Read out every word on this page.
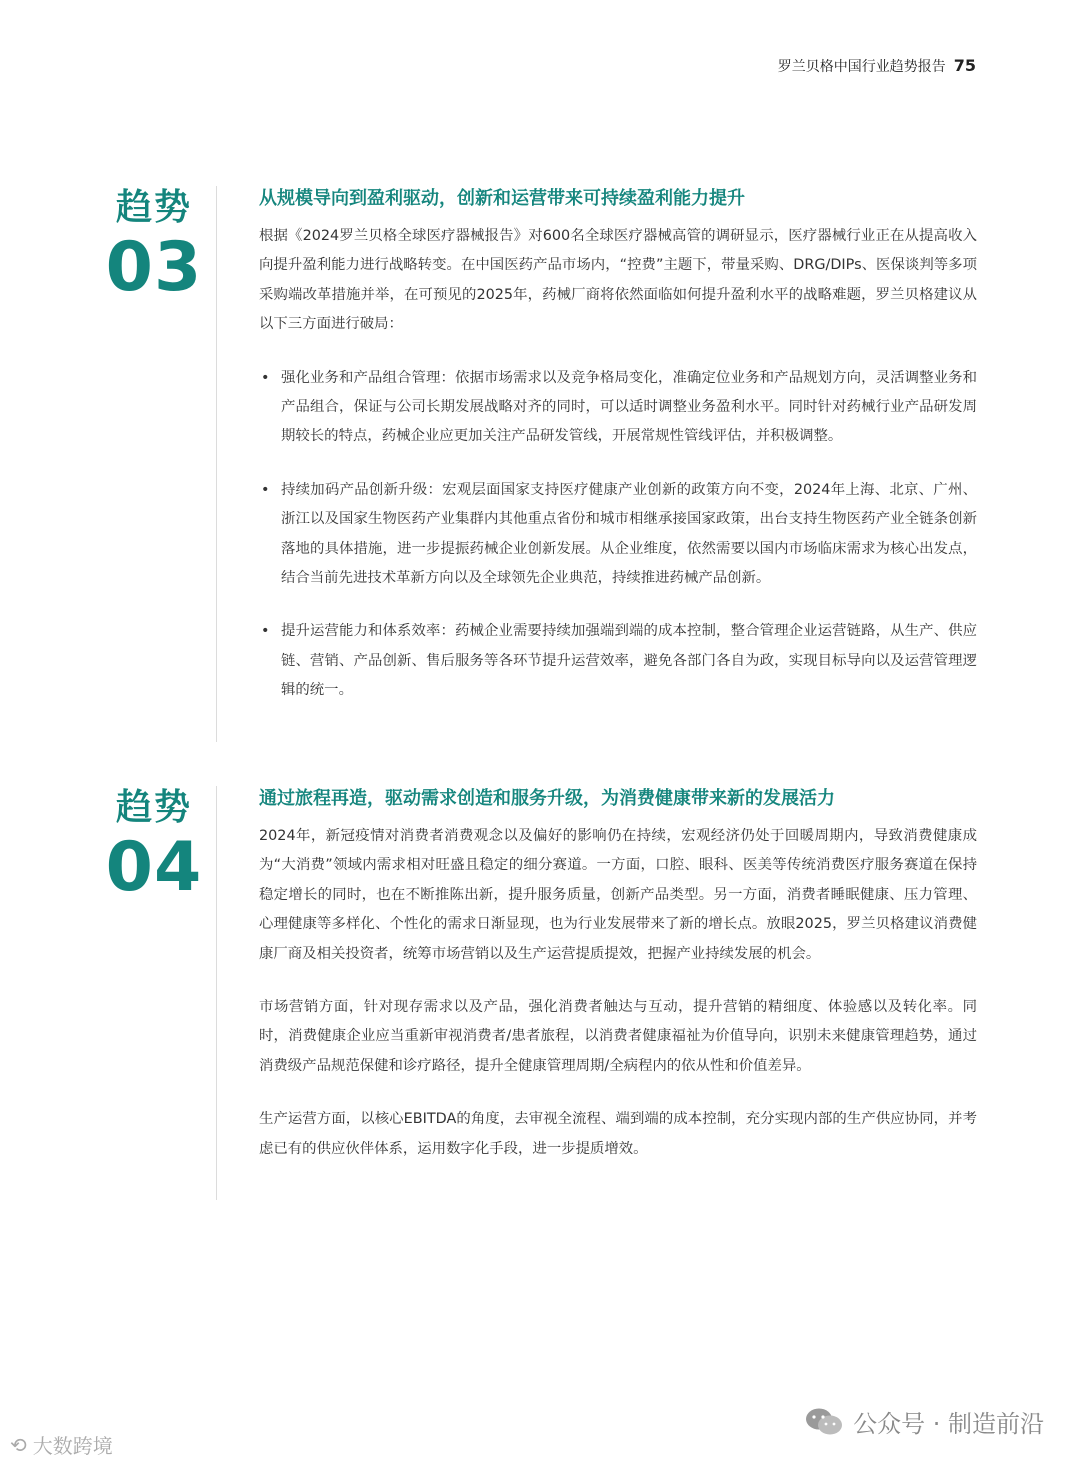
罗兰贝格中国行业趋势报告 75
趋势
03
从规模导向到盈利驱动，创新和运营带来可持续盈利能力提升

根据《2024罗兰贝格全球医疗器械报告》对600名全球医疗器械高管的调研显示，医疗器械行业正在从提高收入向提升盈利能力进行战略转变。在中国医药产品市场内，“控费”主题下，带量采购、DRG/DIPs、医保谈判等多项采购端改革措施并举，在可预见的2025年，药械厂商将依然面临如何提升盈利水平的战略难题，罗兰贝格建议从以下三方面进行破局：

• 强化业务和产品组合管理：依据市场需求以及竞争格局变化，准确定位业务和产品规划方向，灵活调整业务和产品组合，保证与公司长期发展战略对齐的同时，可以适时调整业务盈利水平。同时针对药械行业产品研发周期较长的特点，药械企业应更加关注产品研发管线，开展常规性管线评估，并积极调整。
• 持续加码产品创新升级：宏观层面国家支持医疗健康产业创新的政策方向不变，2024年上海、北京、广州、浙江以及国家生物医药产业集群内其他重点省份和城市相继承接国家政策，出台支持生物医药产业全链条创新落地的具体措施，进一步提振药械企业创新发展。从企业维度，依然需要以国内市场临床需求为核心出发点，结合当前先进技术革新方向以及全球领先企业典范，持续推进药械产品创新。
• 提升运营能力和体系效率：药械企业需要持续加强端到端的成本控制，整合管理企业运营链路，从生产、供应链、营销、产品创新、售后服务等各环节提升运营效率，避免各部门各自为政，实现目标导向以及运营管理逻辑的统一。
趋势
04
通过旅程再造，驱动需求创造和服务升级，为消费健康带来新的发展活力

2024年，新冠疫情对消费者消费观念以及偏好的影响仍在持续，宏观经济仍处于回暖周期内，导致消费健康成为“大消费”领域内需求相对旺盛且稳定的细分赛道。一方面，口腔、眼科、医美等传统消费医疗服务赛道在保持稳定增长的同时，也在不断推陈出新，提升服务质量，创新产品类型。另一方面，消费者睡眠健康、压力管理、心理健康等多样化、个性化的需求日渐显现，也为行业发展带来了新的增长点。放眼2025，罗兰贝格建议消费健康厂商及相关投资者，统筹市场营销以及生产运营提质提效，把握产业持续发展的机会。

市场营销方面，针对现存需求以及产品，强化消费者触达与互动，提升营销的精细度、体验感以及转化率。同时，消费健康企业应当重新审视消费者/患者旅程，以消费者健康福祉为价值导向，识别未来健康管理趋势，通过消费级产品规范保健和诊疗路径，提升全健康管理周期/全病程内的依从性和价值差异。

生产运营方面，以核心EBITDA的角度，去审视全流程、端到端的成本控制，充分实现内部的生产供应协同，并考虑已有的供应伙伴体系，运用数字化手段，进一步提质增效。

公众号 · 制造前沿
⟲ 大数跨境
